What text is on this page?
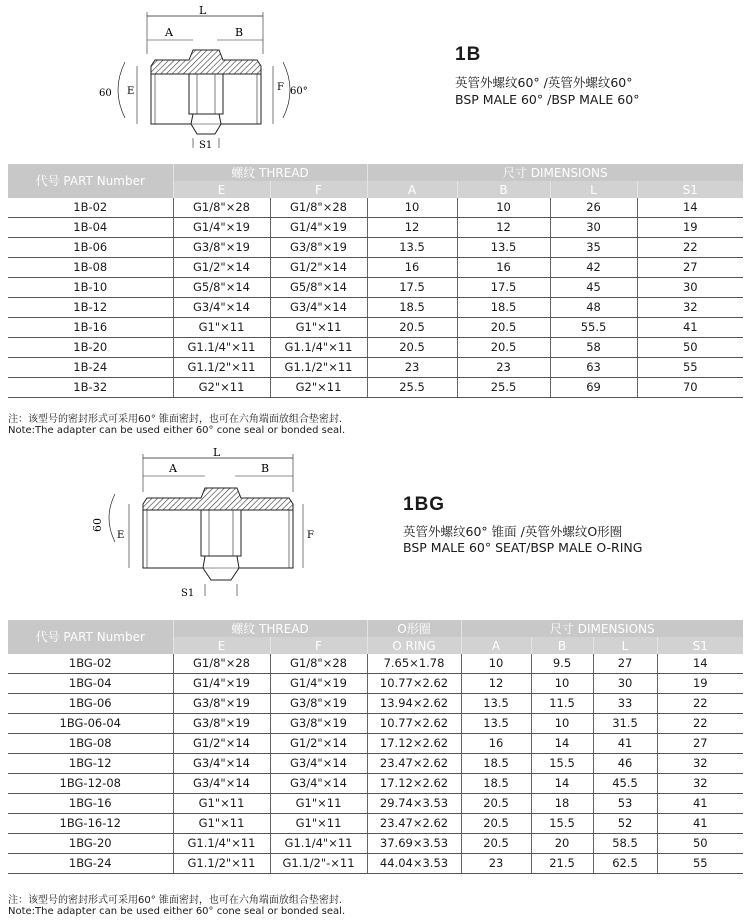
L
A	B
S1
E	F
60	60°
1B
英管外螺纹60° /英管外螺纹60°
BSP MALE 60° /BSP MALE 60°
代号 PART Number	螺纹 THREAD		尺寸 DIMENSIONS			
	E	F	A	B	L	S1
1B-02	G1/8"×28	G1/8"×28	10	10	26	14
1B-04	G1/4"×19	G1/4"×19	12	12	30	19
1B-06	G3/8"×19	G3/8"×19	13.5	13.5	35	22
1B-08	G1/2"×14	G1/2"×14	16	16	42	27
1B-10	G5/8"×14	G5/8"×14	17.5	17.5	45	30
1B-12	G3/4"×14	G3/4"×14	18.5	18.5	48	32
1B-16	G1"×11	G1"×11	20.5	20.5	55.5	41
1B-20	G1.1/4"×11	G1.1/4"×11	20.5	20.5	58	50
1B-24	G1.1/2"×11	G1.1/2"×11	23	23	63	55
1B-32	G2"×11	G2"×11	25.5	25.5	69	70
注：该型号的密封形式可采用60° 锥面密封，也可在六角端面放组合垫密封.
Note:The adapter can be used either 60° cone seal or bonded seal.
L
A	B
S1
E	F
60
1BG
英管外螺纹60° 锥面 /英管外螺纹O形圈
BSP MALE 60° SEAT/BSP MALE O-RING
代号 PART Number	螺纹 THREAD		O形圈	尺寸 DIMENSIONS			
	E	F	O RING	A	B	L	S1
1BG-02	G1/8"×28	G1/8"×28	7.65×1.78	10	9.5	27	14
1BG-04	G1/4"×19	G1/4"×19	10.77×2.62	12	10	30	19
1BG-06	G3/8"×19	G3/8"×19	13.94×2.62	13.5	11.5	33	22
1BG-06-04	G3/8"×19	G3/8"×19	10.77×2.62	13.5	10	31.5	22
1BG-08	G1/2"×14	G1/2"×14	17.12×2.62	16	14	41	27
1BG-12	G3/4"×14	G3/4"×14	23.47×2.62	18.5	15.5	46	32
1BG-12-08	G3/4"×14	G3/4"×14	17.12×2.62	18.5	14	45.5	32
1BG-16	G1"×11	G1"×11	29.74×3.53	20.5	18	53	41
1BG-16-12	G1"×11	G1"×11	23.47×2.62	20.5	15.5	52	41
1BG-20	G1.1/4"×11	G1.1/4"×11	37.69×3.53	20.5	20	58.5	50
1BG-24	G1.1/2"×11	G1.1/2"-×11	44.04×3.53	23	21.5	62.5	55
注：该型号的密封形式可采用60° 锥面密封，也可在六角端面放组合垫密封.
Note:The adapter can be used either 60° cone seal or bonded seal.
